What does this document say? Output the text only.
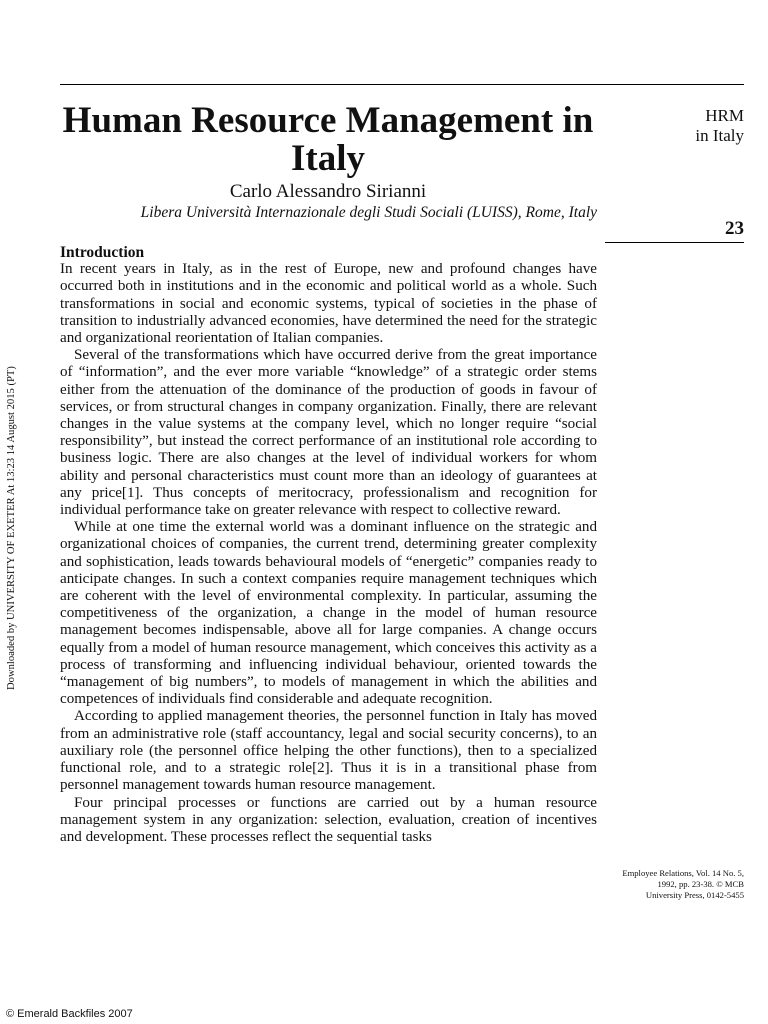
Human Resource Management in Italy
Carlo Alessandro Sirianni
Libera Università Internazionale degli Studi Sociali (LUISS), Rome, Italy
HRM
in Italy
23
Introduction

In recent years in Italy, as in the rest of Europe, new and profound changes have occurred both in institutions and in the economic and political world as a whole. Such transformations in social and economic systems, typical of societies in the phase of transition to industrially advanced economies, have determined the need for the strategic and organizational reorientation of Italian companies.

Several of the transformations which have occurred derive from the great importance of “information”, and the ever more variable “knowledge” of a strategic order stems either from the attenuation of the dominance of the production of goods in favour of services, or from structural changes in company organization. Finally, there are relevant changes in the value systems at the company level, which no longer require “social responsibility”, but instead the correct performance of an institutional role according to business logic. There are also changes at the level of individual workers for whom ability and personal characteristics must count more than an ideology of guarantees at any price[1]. Thus concepts of meritocracy, professionalism and recognition for individual performance take on greater relevance with respect to collective reward.

While at one time the external world was a dominant influence on the strategic and organizational choices of companies, the current trend, determining greater complexity and sophistication, leads towards behavioural models of “energetic” companies ready to anticipate changes. In such a context companies require management techniques which are coherent with the level of environmental complexity. In particular, assuming the competitiveness of the organization, a change in the model of human resource management becomes indispensable, above all for large companies. A change occurs equally from a model of human resource management, which conceives this activity as a process of transforming and influencing individual behaviour, oriented towards the “management of big numbers”, to models of management in which the abilities and competences of individuals find considerable and adequate recognition.

According to applied management theories, the personnel function in Italy has moved from an administrative role (staff accountancy, legal and social security concerns), to an auxiliary role (the personnel office helping the other functions), then to a specialized functional role, and to a strategic role[2]. Thus it is in a transitional phase from personnel management towards human resource management.

Four principal processes or functions are carried out by a human resource management system in any organization: selection, evaluation, creation of incentives and development. These processes reflect the sequential tasks

Employee Relations, Vol. 14 No. 5,
1992, pp. 23-38. © MCB
University Press, 0142-5455
Downloaded by UNIVERSITY OF EXETER At 13:23 14 August 2015 (PT)
© Emerald Backfiles 2007
